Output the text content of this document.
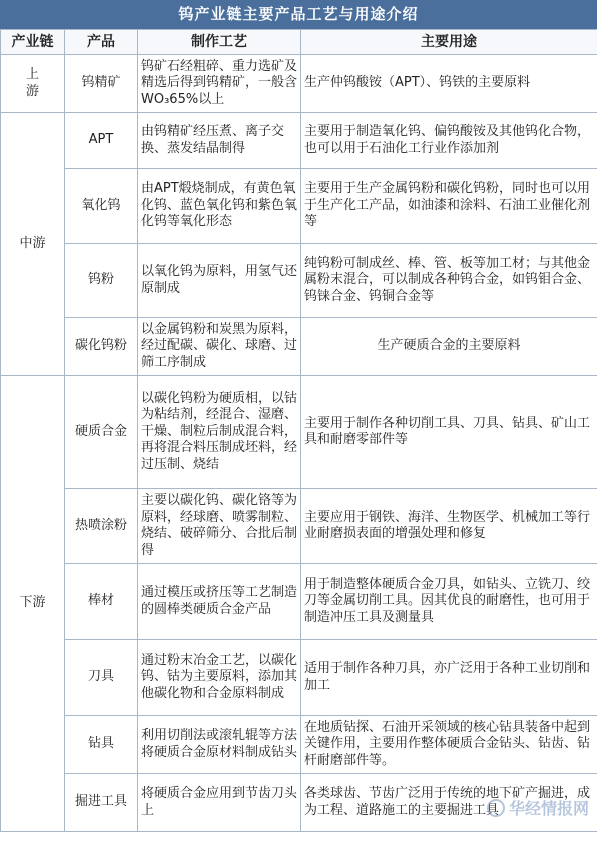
钨产业链主要产品工艺与用途介绍
产业链	产品	制作工艺	主要用途
上
游	钨精矿	钨矿石经粗碎、重力选矿及精选后得到钨精矿，一般含WO₃65%以上	生产仲钨酸铵（APT）、钨铁的主要原料
中游	APT	由钨精矿经压煮、离子交换、蒸发结晶制得	主要用于制造氧化钨、偏钨酸铵及其他钨化合物，也可以用于石油化工行业作添加剂
	氧化钨	由APT煅烧制成，有黄色氧化钨、蓝色氧化钨和紫色氧化钨等氧化形态	主要用于生产金属钨粉和碳化钨粉，同时也可以用于生产化工产品，如油漆和涂料、石油工业催化剂等
	钨粉	以氧化钨为原料，用氢气还原制成	纯钨粉可制成丝、棒、管、板等加工材；与其他金属粉末混合，可以制成各种钨合金，如钨钼合金、钨铼合金、钨铜合金等
	碳化钨粉	以金属钨粉和炭黑为原料，经过配碳、碳化、球磨、过筛工序制成	生产硬质合金的主要原料
下游	硬质合金	以碳化钨粉为硬质相，以钴为粘结剂，经混合、湿磨、干燥、制粒后制成混合料，再将混合料压制成坯料，经过压制、烧结	主要用于制作各种切削工具、刀具、钻具、矿山工具和耐磨零部件等
	热喷涂粉	主要以碳化钨、碳化铬等为原料，经球磨、喷雾制粒、烧结、破碎筛分、合批后制得	主要应用于钢铁、海洋、生物医学、机械加工等行业耐磨损表面的增强处理和修复
	棒材	通过模压或挤压等工艺制造的圆棒类硬质合金产品	用于制造整体硬质合金刀具，如钻头、立铣刀、绞刀等金属切削工具。因其优良的耐磨性，也可用于制造冲压工具及测量具
	刀具	通过粉末冶金工艺，以碳化钨、钴为主要原料，添加其他碳化物和合金原料制成	适用于制作各种刀具，亦广泛用于各种工业切削和加工
	钻具	利用切削法或滚轧辊等方法将硬质合金原材料制成钻头	在地质钻探、石油开采领域的核心钻具装备中起到关键作用，主要用作整体硬质合金钻头、钻齿、钻杆耐磨部件等。
	掘进工具	将硬质合金应用到节齿刀头上	各类球齿、节齿广泛用于传统的地下矿产掘进，成为工程、道路施工的主要掘进工具 华经情报网
